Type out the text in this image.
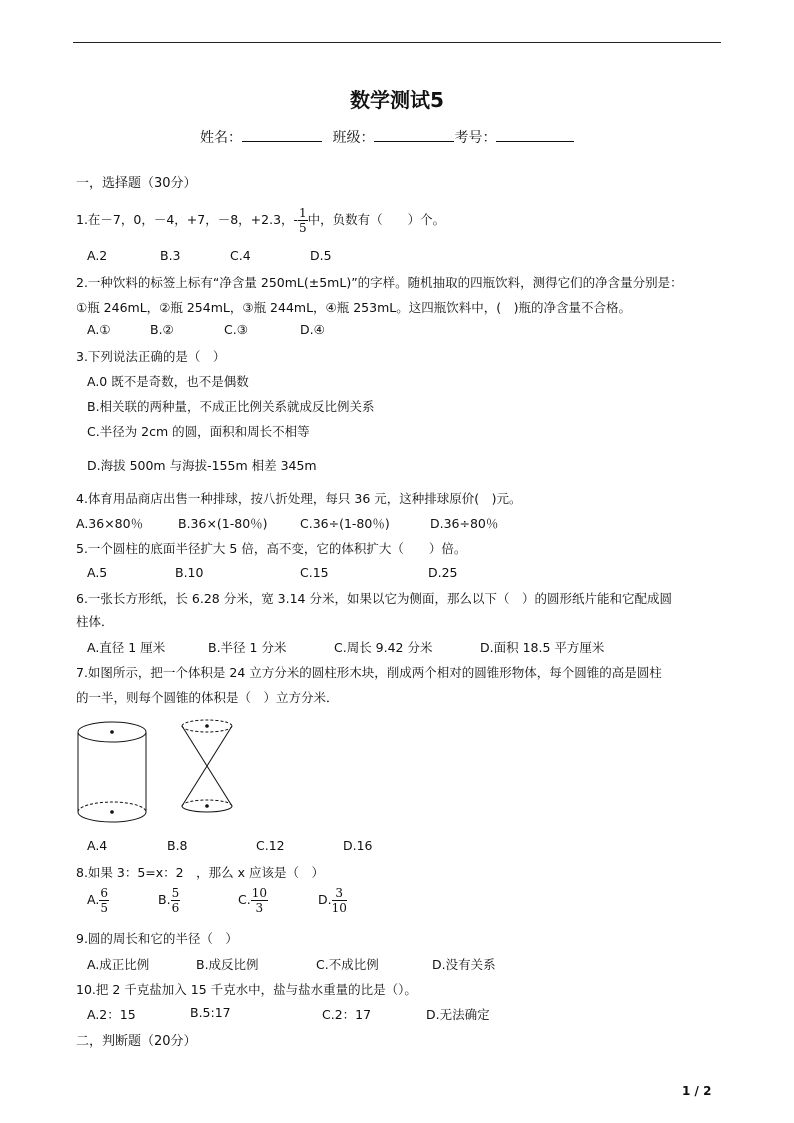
数学测试5
姓名：	班级：	考号：
一，选择题（30分）
1.在－7，0，－4，+7，－8，+2.3，- $\frac{1}{5}$ 中，负数有（　　）个。
A.2	B.3	C.4	D.5
2.一种饮料的标签上标有“净含量 250mL(±5mL)”的字样。随机抽取的四瓶饮料，测得它们的净含量分别是：
①瓶 246mL，②瓶 254mL，③瓶 244mL，④瓶 253mL。这四瓶饮料中，(　)瓶的净含量不合格。
A.①	B.②	C.③	D.④
3.下列说法正确的是（　）
A.0 既不是奇数，也不是偶数
B.相关联的两种量，不成正比例关系就成反比例关系
C.半径为 2cm 的圆，面积和周长不相等
D.海拔 500m 与海拔-155m 相差 345m
4.体育用品商店出售一种排球，按八折处理，每只 36 元，这种排球原价(　)元。
A.36×80％	B.36×(1-80％)	C.36÷(1-80％)	D.36÷80％
5.一个圆柱的底面半径扩大 5 倍，高不变，它的体积扩大（　　）倍。
A.5	B.10	C.15	D.25
6.一张长方形纸，长 6.28 分米，宽 3.14 分米，如果以它为侧面，那么以下（　）的圆形纸片能和它配成圆
柱体．
A.直径 1 厘米	B.半径 1 分米	C.周长 9.42 分米	D.面积 18.5 平方厘米
7.如图所示，把一个体积是 24 立方分米的圆柱形木块，削成两个相对的圆锥形物体，每个圆锥的高是圆柱
的一半，则每个圆锥的体积是（　）立方分米．
A.4	B.8	C.12	D.16
8.如果 3：5=x：2　，那么 x 应该是（　）
A. $\frac{6}{5}$	B. $\frac{5}{6}$	C. $\frac{10}{3}$	D. $\frac{3}{10}$
9.圆的周长和它的半径（　）
A.成正比例	B.成反比例	C.不成比例	D.没有关系
10.把 2 千克盐加入 15 千克水中，盐与盐水重量的比是（）。
A.2：15	B.5:17	C.2：17	D.无法确定
二，判断题（20分）
1 / 2
